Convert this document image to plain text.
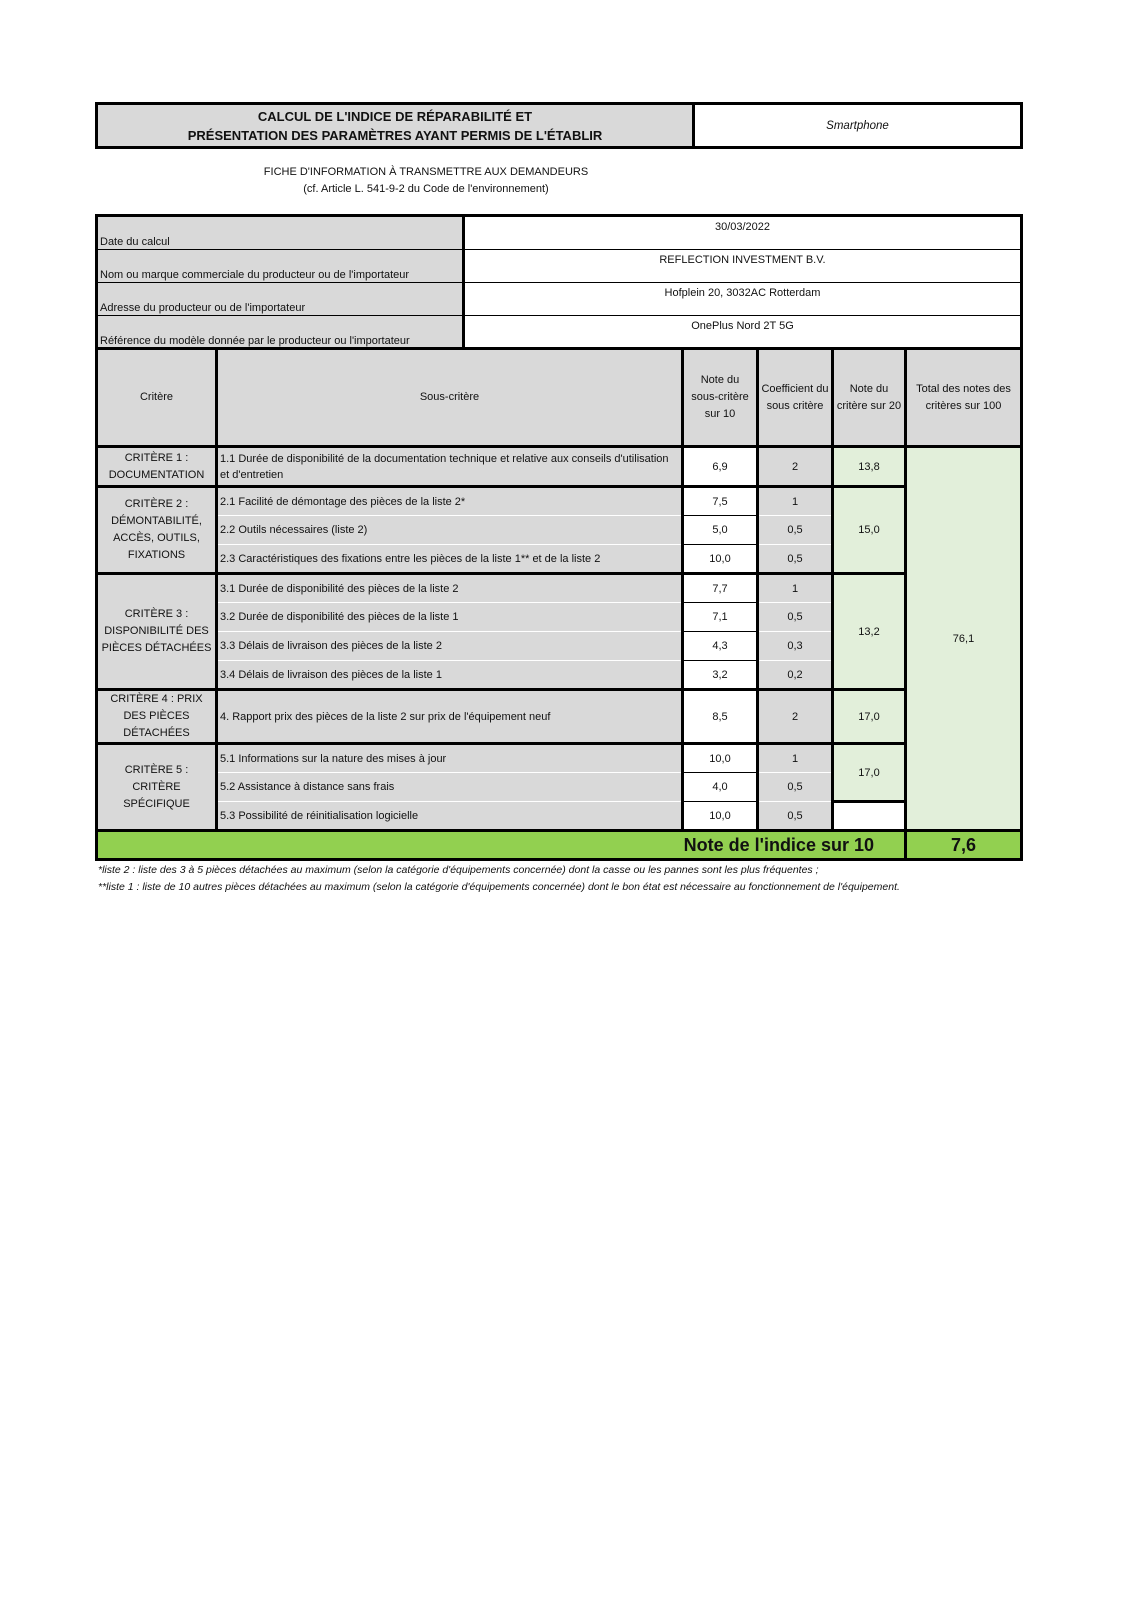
CALCUL DE L'INDICE DE RÉPARABILITÉ ET
PRÉSENTATION DES PARAMÈTRES AYANT PERMIS DE L'ÉTABLIR
Smartphone
FICHE D'INFORMATION À TRANSMETTRE AUX DEMANDEURS
(cf. Article L. 541-9-2 du Code de l'environnement)
Date du calcul	30/03/2022
Nom ou marque commerciale du producteur ou de l'importateur	REFLECTION INVESTMENT B.V.
Adresse du producteur ou de l'importateur	Hofplein 20, 3032AC Rotterdam
Référence du modèle donnée par le producteur ou l'importateur	OnePlus Nord 2T 5G
Critère	Sous-critère	Note du sous-critère sur 10	Coefficient du sous critère	Note du critère sur 20	Total des notes des critères sur 100
CRITÈRE 1 : DOCUMENTATION	1.1 Durée de disponibilité de la documentation technique et relative aux conseils d'utilisation et d'entretien	6,9	2	13,8	76,1
CRITÈRE 2 : DÉMONTABILITÉ, ACCÈS, OUTILS, FIXATIONS	2.1 Facilité de démontage des pièces de la liste 2*	7,5	1	15,0	
	2.2 Outils nécessaires (liste 2)	5,0	0,5		
	2.3 Caractéristiques des fixations entre les pièces de la liste 1** et de la liste 2	10,0	0,5		
CRITÈRE 3 : DISPONIBILITÉ DES PIÈCES DÉTACHÉES	3.1 Durée de disponibilité des pièces de la liste 2	7,7	1	13,2	
	3.2 Durée de disponibilité des pièces de la liste 1	7,1	0,5		
	3.3 Délais de livraison des pièces de la liste 2	4,3	0,3		
	3.4 Délais de livraison des pièces de la liste 1	3,2	0,2		
CRITÈRE 4 : PRIX DES PIÈCES DÉTACHÉES	4. Rapport prix des pièces de la liste 2 sur prix de l'équipement neuf	8,5	2	17,0	
CRITÈRE 5 : CRITÈRE SPÉCIFIQUE	5.1 Informations sur la nature des mises à jour	10,0	1	17,0	
	5.2 Assistance à distance sans frais	4,0	0,5		
	5.3 Possibilité de réinitialisation logicielle	10,0	0,5		
Note de l'indice sur 10					7,6
*liste 2 : liste des 3 à 5 pièces détachées au maximum (selon la catégorie d'équipements concernée) dont la casse ou les pannes sont les plus fréquentes ;
**liste 1 : liste de 10 autres pièces détachées au maximum (selon la catégorie d'équipements concernée) dont le bon état est nécessaire au fonctionnement de l'équipement.
